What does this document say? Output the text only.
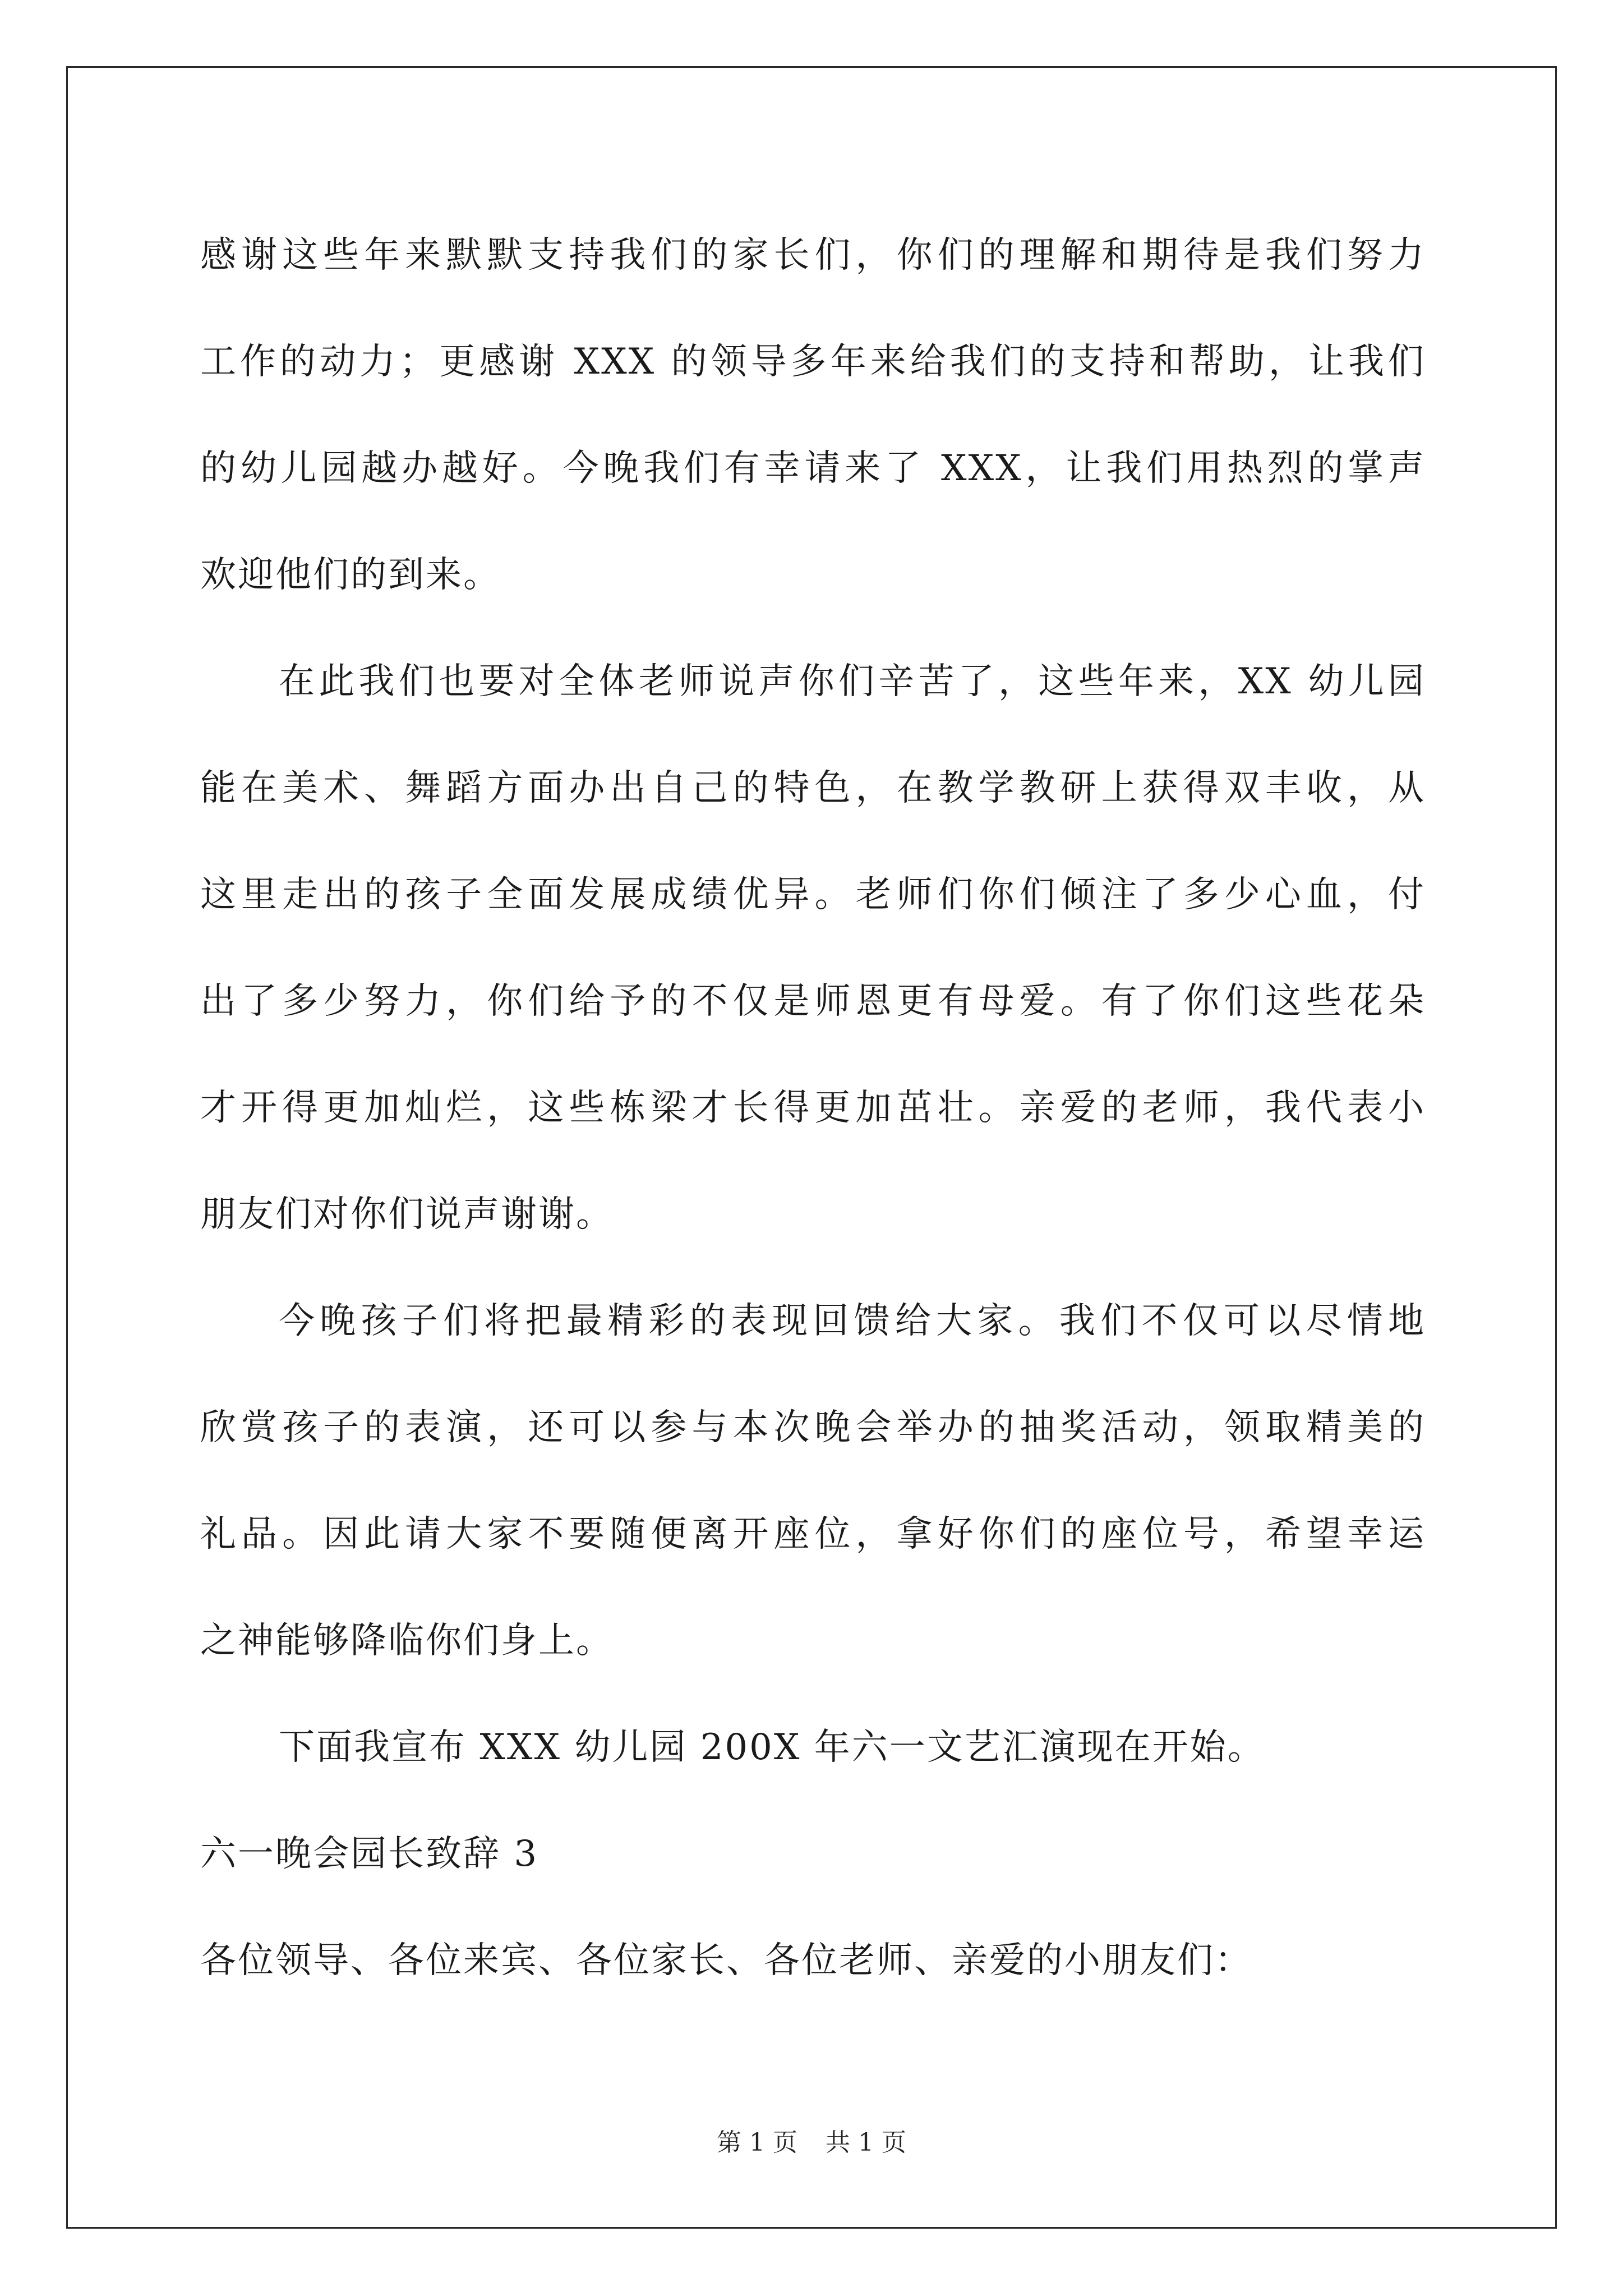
感谢这些年来默默支持我们的家长们，你们的理解和期待是我们努力
工作的动力；更感谢 XXX 的领导多年来给我们的支持和帮助，让我们
的幼儿园越办越好。今晚我们有幸请来了 XXX，让我们用热烈的掌声
欢迎他们的到来。
在此我们也要对全体老师说声你们辛苦了，这些年来，XX 幼儿园
能在美术、舞蹈方面办出自己的特色，在教学教研上获得双丰收，从
这里走出的孩子全面发展成绩优异。老师们你们倾注了多少心血，付
出了多少努力，你们给予的不仅是师恩更有母爱。有了你们这些花朵
才开得更加灿烂，这些栋梁才长得更加茁壮。亲爱的老师，我代表小
朋友们对你们说声谢谢。
今晚孩子们将把最精彩的表现回馈给大家。我们不仅可以尽情地
欣赏孩子的表演，还可以参与本次晚会举办的抽奖活动，领取精美的
礼品。因此请大家不要随便离开座位，拿好你们的座位号，希望幸运
之神能够降临你们身上。
下面我宣布 XXX 幼儿园 200X 年六一文艺汇演现在开始。
六一晚会园长致辞 3
各位领导、各位来宾、各位家长、各位老师、亲爱的小朋友们：
第 1 页 共 1 页
